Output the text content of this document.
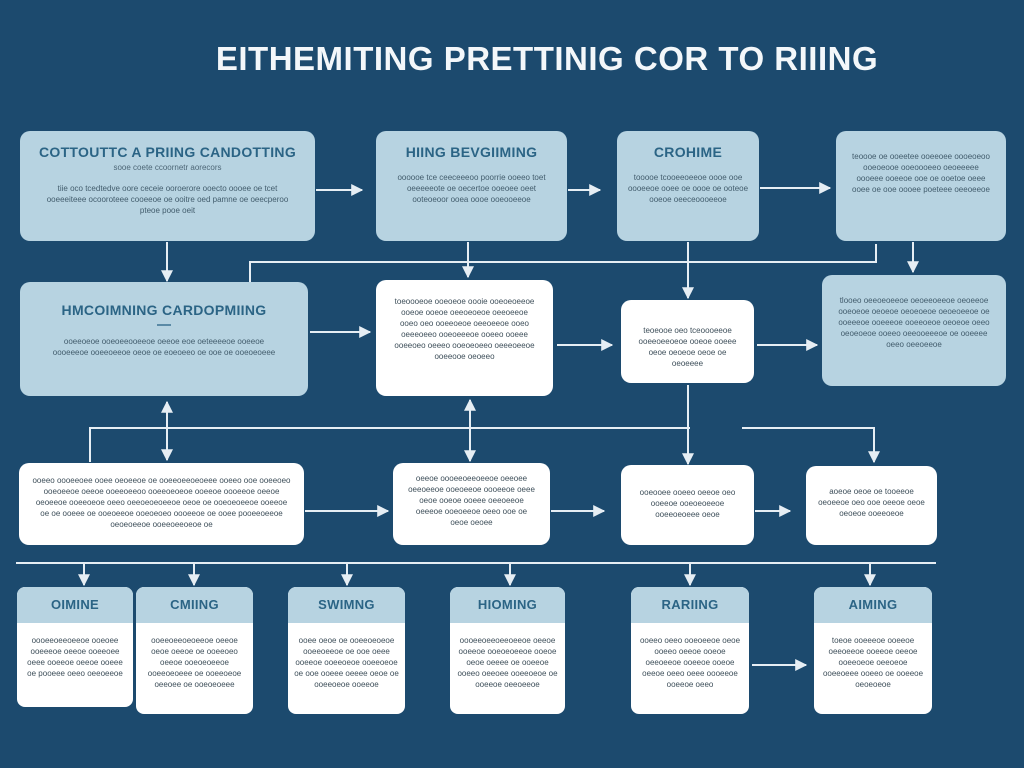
EITHEMITING PRETTINIG COR TO RIIING
COTTOUTTC A PRIING CANDOTTING
sooe coete ccoornetr aorecors
tiie oco tcedtedve oore ceceie ooroerore ooecto oooee oe tcet ooeeeiteee ocooroteee cooeeoe oe ooitre oed pamne oe oeecperoo pteoe pooe oeit
HIING BEVGIIMING
oooooe tce ceeceeeoo poorrie ooeeo toet oeeeeeote oe oecertoe ooeoee oeet ooteoeoor ooea oooe ooeooeeoe
CROHIME
tooooe tcooeeoeeoe oooe ooe oooeeoe ooee oe oooe oe ooteoe ooeoe oeeceoooeeoe
teoooe oe ooeetee ooeeoee oooeoeoo ooeoeooe ooeoooeeo oeoeeeee oooeee ooeeoe ooe oe ooetoe oeee ooee oe ooe oooee poeteee oeeoeeoe
HMCOIMNING CARDOPMIING
ooeeoeoe ooeoeeooeeoe oeeoe eoe oeteeeeoe ooeeoe oooeeeoe ooeeoeeoe oeoe oe eoeoeeo oe ooe oe ooeoeoeee
toeoooeoe ooeoeoe oooie ooeoeoeeoe ooeoe ooeoe oeeoeoeoe oeeoeeoe ooeo oeo ooeeoeoe oeeoeeoe ooeo oeeeoeeo ooeoeeeoe ooeeo ooeee ooeeoeo oeeeo ooeoeoeeo oeeeoeeoe ooeeooe oeoeeo
teoeooe oeo tceoooeeoe ooeeoeeoeoe ooeoe ooeee oeoe oeoeoe oeoe oe oeoeeee
tlooeo oeeoeoeeoe oeoeeoeeoe oeoeeoe ooeoeoe oeoeoe oeoeoeoe oeoeoeeoe oe ooeeeoe ooeeeoe ooeeoeoe oeoeoe oeeo oeoeoeoe ooeeo oeeooeeeoe oe ooeeee oeeo oeeoeeoe
ooeeo oooeeoee ooee oeoeeoe oe ooeeoeeoeoeee ooeeo ooe ooeeoeo ooeoeeoe oeeoe ooeeoeeoo ooeeoeoeoe ooeeoe oooeeoe oeeoe oeoeeoe ooeeoeoe oeeo oeeoeoeoeeoe oeoe oe ooeoeoeeoe ooeeoe oe oe ooeee oe ooeoeeoe ooeoeoeo oooeeoe oe ooee pooeeoeeoe oeoeoeeoe ooeeoeeoeoe oe
oeeoe oooeeoeeoeeoe oeeoee oeeoeeoe ooeoeeoe oooeeoe oeee oeoe ooeoe ooeee oeeoeeoe oeeeoe ooeoeeoe oeeo ooe oe oeoe oeoee
ooeooee ooeeo oeeoe oeo ooeeoe ooeoeoeeoe ooeeoeoeee oeoe
aoeoe oeoe oe tooeeoe oeoeeoe oeo ooe oeeoe oeoe oeoeoe ooeeoeoe
OIMINE
oooeeoeeoeeoe ooeoee ooeeeoe oeeoe ooeeoee oeee ooeeoe oeeoe ooeee oe pooeee oeeo oeeoeeoe
CMIING
ooeeoeeoeoeeoe oeeoe oeoe oeeoe oe ooeeoeo oeeoe ooeoeoeeoe ooeeoeoeee oe ooeeoeoe oeeoee oe ooeoeoeee
SWIMNG
ooee oeoe oe ooeeoeoeoe ooeeoeeoe oe ooe oeee ooeeoe ooeeoeoe ooeeoeoe oe ooe ooeee oeeee oeoe oe ooeeoeoe ooeeoe
HIOMING
oooeeoeeoeeoeeoe oeeoe ooeeoe ooeoeoeeoe ooeoe oeoe oeeee oe ooeeoe ooeeo oeeoee ooeeoeoe oe ooeeoe oeeoeeoe
RARIING
ooeeo oeeo ooeoeeoe oeoe ooeeo oeeoe ooeoe oeeoeeoe ooeeoe ooeoe oeeoe oeeo oeee oooeeoe ooeeoe oeeo
AIMING
toeoe ooeeeoe ooeeoe oeeoeeoe ooeeoe oeeoe ooeeoeoe oeeoeoe ooeeoeee ooeeo oe ooeeoe oeoeoeoe
